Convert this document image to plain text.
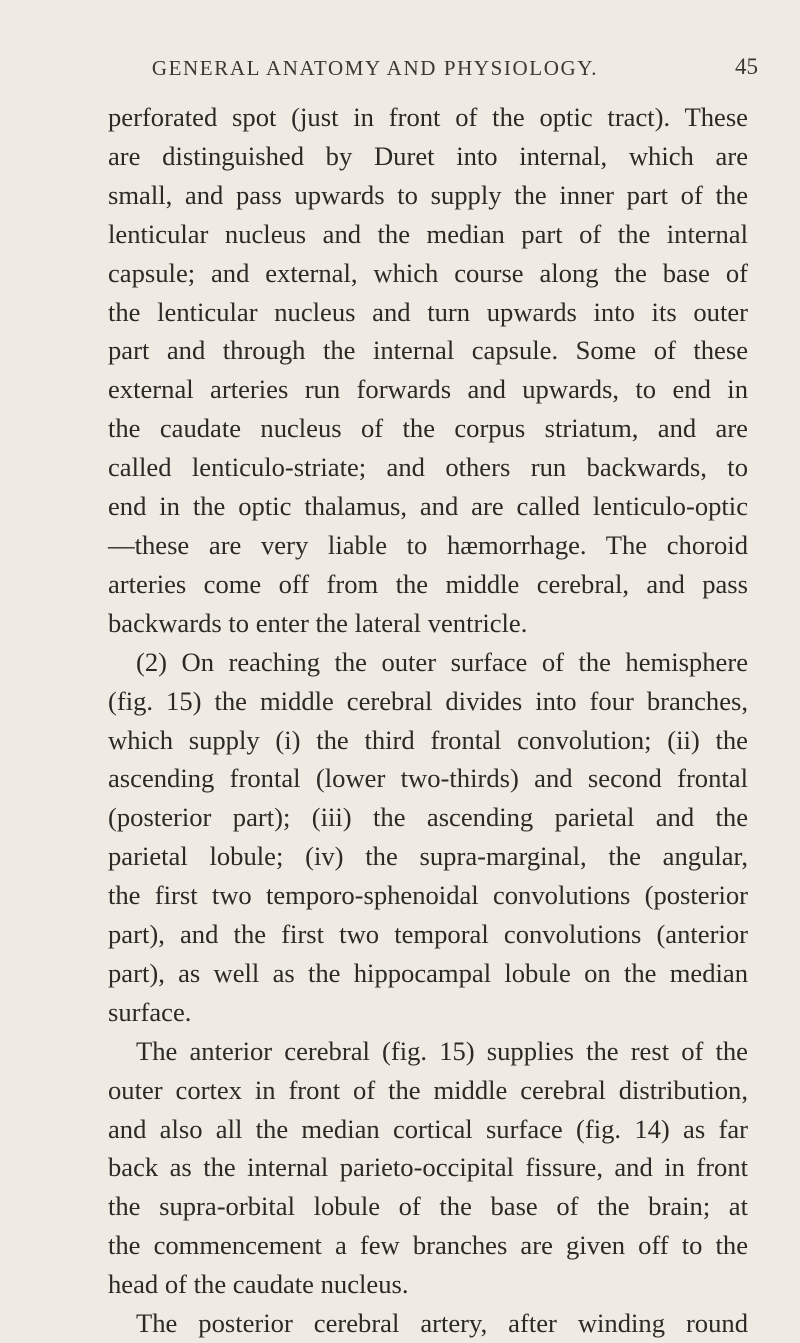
GENERAL ANATOMY AND PHYSIOLOGY.	45
perforated spot (just in front of the optic tract). These
are distinguished by Duret into internal, which are
small, and pass upwards to supply the inner part of the
lenticular nucleus and the median part of the internal
capsule; and external, which course along the base of
the lenticular nucleus and turn upwards into its outer
part and through the internal capsule. Some of these
external arteries run forwards and upwards, to end in
the caudate nucleus of the corpus striatum, and are
called lenticulo-striate; and others run backwards, to
end in the optic thalamus, and are called lenticulo-optic
—these are very liable to hæmorrhage. The choroid
arteries come off from the middle cerebral, and pass
backwards to enter the lateral ventricle.
(2) On reaching the outer surface of the hemisphere
(fig. 15) the middle cerebral divides into four branches,
which supply (i) the third frontal convolution; (ii) the
ascending frontal (lower two-thirds) and second frontal
(posterior part); (iii) the ascending parietal and the
parietal lobule; (iv) the supra-marginal, the angular,
the first two temporo-sphenoidal convolutions (posterior
part), and the first two temporal convolutions (anterior
part), as well as the hippocampal lobule on the median
surface.
The anterior cerebral (fig. 15) supplies the rest of the
outer cortex in front of the middle cerebral distribution,
and also all the median cortical surface (fig. 14) as far
back as the internal parieto-occipital fissure, and in front
the supra-orbital lobule of the base of the brain; at
the commencement a few branches are given off to the
head of the caudate nucleus.
The posterior cerebral artery, after winding round
